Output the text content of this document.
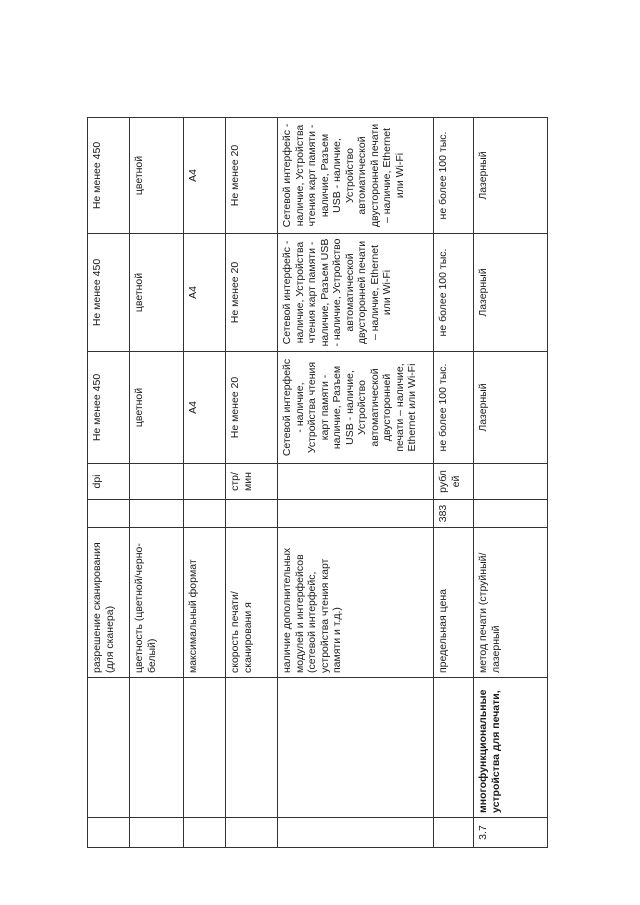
		разрешение сканирования (для сканера)		dpi	Не менее 450	Не менее 450	Не менее 450
		цветность (цветной/черно-белый)			цветной	цветной	цветной
		максимальный формат			А4	А4	А4
		скорость печати/сканировани я		стр/мин	Не менее 20	Не менее 20	Не менее 20
		наличие дополнительных модулей и интерфейсов (сетевой интерфейс, устройства чтения карт памяти и т.д.)			Сетевой интерфейс - наличие, Устройства чтения карт памяти - наличие, Разъем USB - наличие, Устройство автоматической двусторонней печати – наличие, Ethernet или Wi-Fi	Сетевой интерфейс - наличие, Устройства чтения карт памяти - наличие, Разъем USB - наличие, Устройство автоматической двусторонней печати – наличие, Ethernet или Wi-Fi	Сетевой интерфейс - наличие, Устройства чтения карт памяти - наличие, Разъем USB - наличие, Устройство автоматической двусторонней печати – наличие, Ethernet или Wi-Fi
		предельная цена	383	рублей	не более 100 тыс.	не более 100 тыс.	не более 100 тыс.
3.7	многофункциональные устройства для печати,	метод печати (струйный/лазерный			Лазерный	Лазерный	Лазерный
